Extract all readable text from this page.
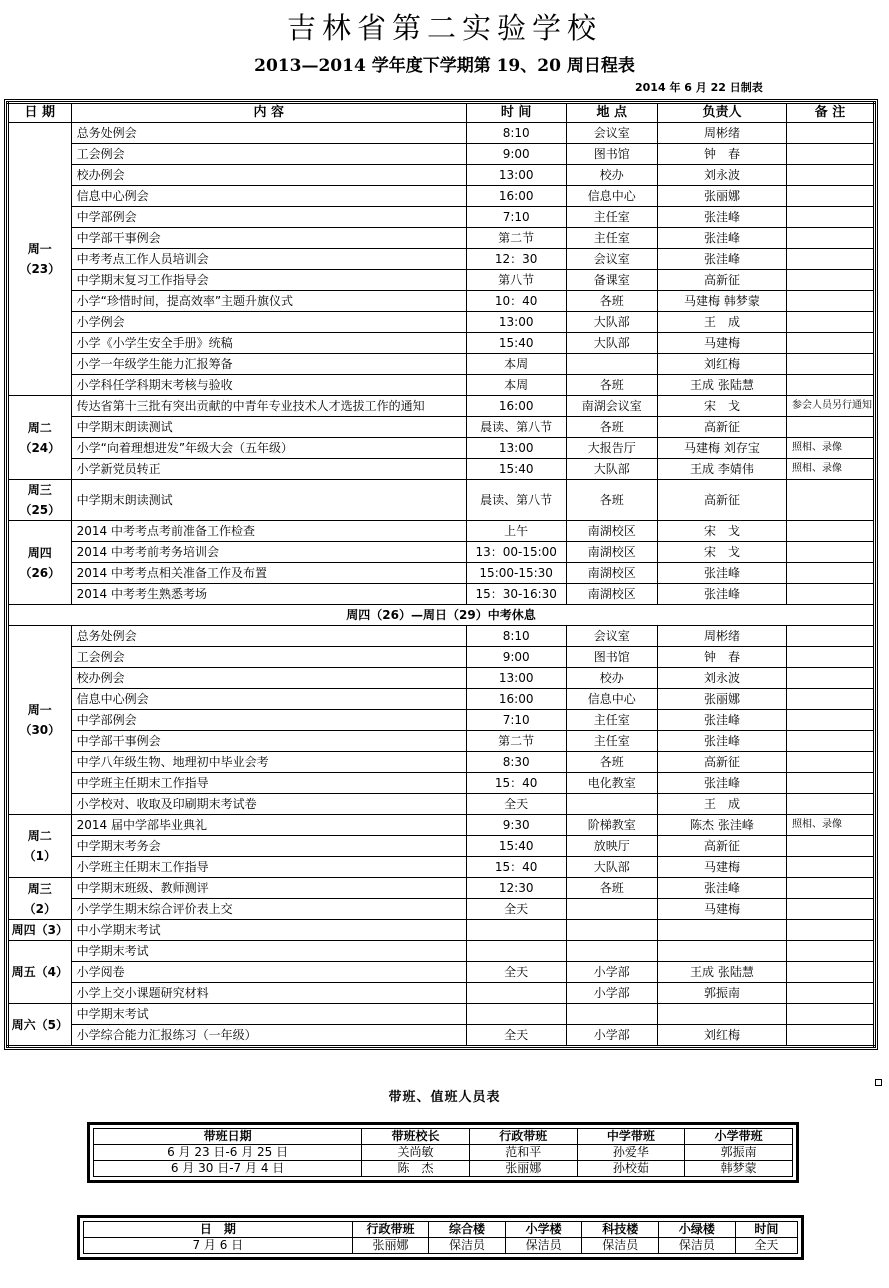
吉林省第二实验学校
2013—2014 学年度下学期第 19、20 周日程表
2014 年 6 月 22 日制表
日 期	内 容	时 间	地 点	负责人	备 注

周一
（23）	总务处例会	8:10	会议室	周彬绪	
	工会例会	9:00	图书馆	钟　春	
	校办例会	13:00	校办	刘永波	
	信息中心例会	16:00	信息中心	张丽娜	
	中学部例会	7:10	主任室	张洼峰	
	中学部干事例会	第二节	主任室	张洼峰	
	中考考点工作人员培训会	12：30	会议室	张洼峰	
	中学期末复习工作指导会	第八节	备课室	高新征	
	小学“珍惜时间，提高效率”主题升旗仪式	10：40	各班	马建梅 韩梦蒙	
	小学例会	13:00	大队部	王　成	
	小学《小学生安全手册》统稿	15:40	大队部	马建梅	
	小学一年级学生能力汇报筹备	本周		刘红梅	
	小学科任学科期末考核与验收	本周	各班	王成 张陆慧	

周二
（24）	传达省第十三批有突出贡献的中青年专业技术人才选拔工作的通知	16:00	南湖会议室	宋　戈	参会人员另行通知
	中学期末朗读测试	晨读、第八节	各班	高新征	
	小学“向着理想进发”年级大会（五年级）	13:00	大报告厅	马建梅 刘存宝	照相、录像
	小学新党员转正	15:40	大队部	王成 李婧伟	照相、录像

周三
（25）	中学期末朗读测试	晨读、第八节	各班	高新征	

周四
（26）	2014 中考考点考前准备工作检查	上午	南湖校区	宋　戈	
	2014 中考考前考务培训会	13：00-15:00	南湖校区	宋　戈	
	2014 中考考点相关准备工作及布置	15:00-15:30	南湖校区	张洼峰	
	2014 中考考生熟悉考场	15：30-16:30	南湖校区	张洼峰	
周四（26）—周日（29）中考休息					

周一
（30）	总务处例会	8:10	会议室	周彬绪	
	工会例会	9:00	图书馆	钟　春	
	校办例会	13:00	校办	刘永波	
	信息中心例会	16:00	信息中心	张丽娜	
	中学部例会	7:10	主任室	张洼峰	
	中学部干事例会	第二节	主任室	张洼峰	
	中学八年级生物、地理初中毕业会考	8:30	各班	高新征	
	中学班主任期末工作指导	15：40	电化教室	张洼峰	
	小学校对、收取及印刷期末考试卷	全天		王　成	

周二
（1）	2014 届中学部毕业典礼	9:30	阶梯教室	陈杰 张洼峰	照相、录像
	中学期末考务会	15:40	放映厅	高新征	
	小学班主任期末工作指导	15：40	大队部	马建梅	

周三
（2）	中学期末班级、教师测评	12:30	各班	张洼峰	
	小学学生期末综合评价表上交	全天		马建梅	

周四（3）	中小学期末考试				

周五（4）	中学期末考试				
	小学阅卷	全天	小学部	王成 张陆慧	
	小学上交小课题研究材料		小学部	郭振南	

周六（5）	中学期末考试				
	小学综合能力汇报练习（一年级）	全天	小学部	刘红梅	
带班、值班人员表
带班日期	带班校长	行政带班	中学带班	小学带班
6 月 23 日-6 月 25 日	关尚敏	范和平	孙爱华	郭振南
6 月 30 日-7 月 4 日	陈　杰	张丽娜	孙校茹	韩梦蒙
日　期	行政带班	综合楼	小学楼	科技楼	小绿楼	时间
7 月 6 日	张丽娜	保洁员	保洁员	保洁员	保洁员	全天
